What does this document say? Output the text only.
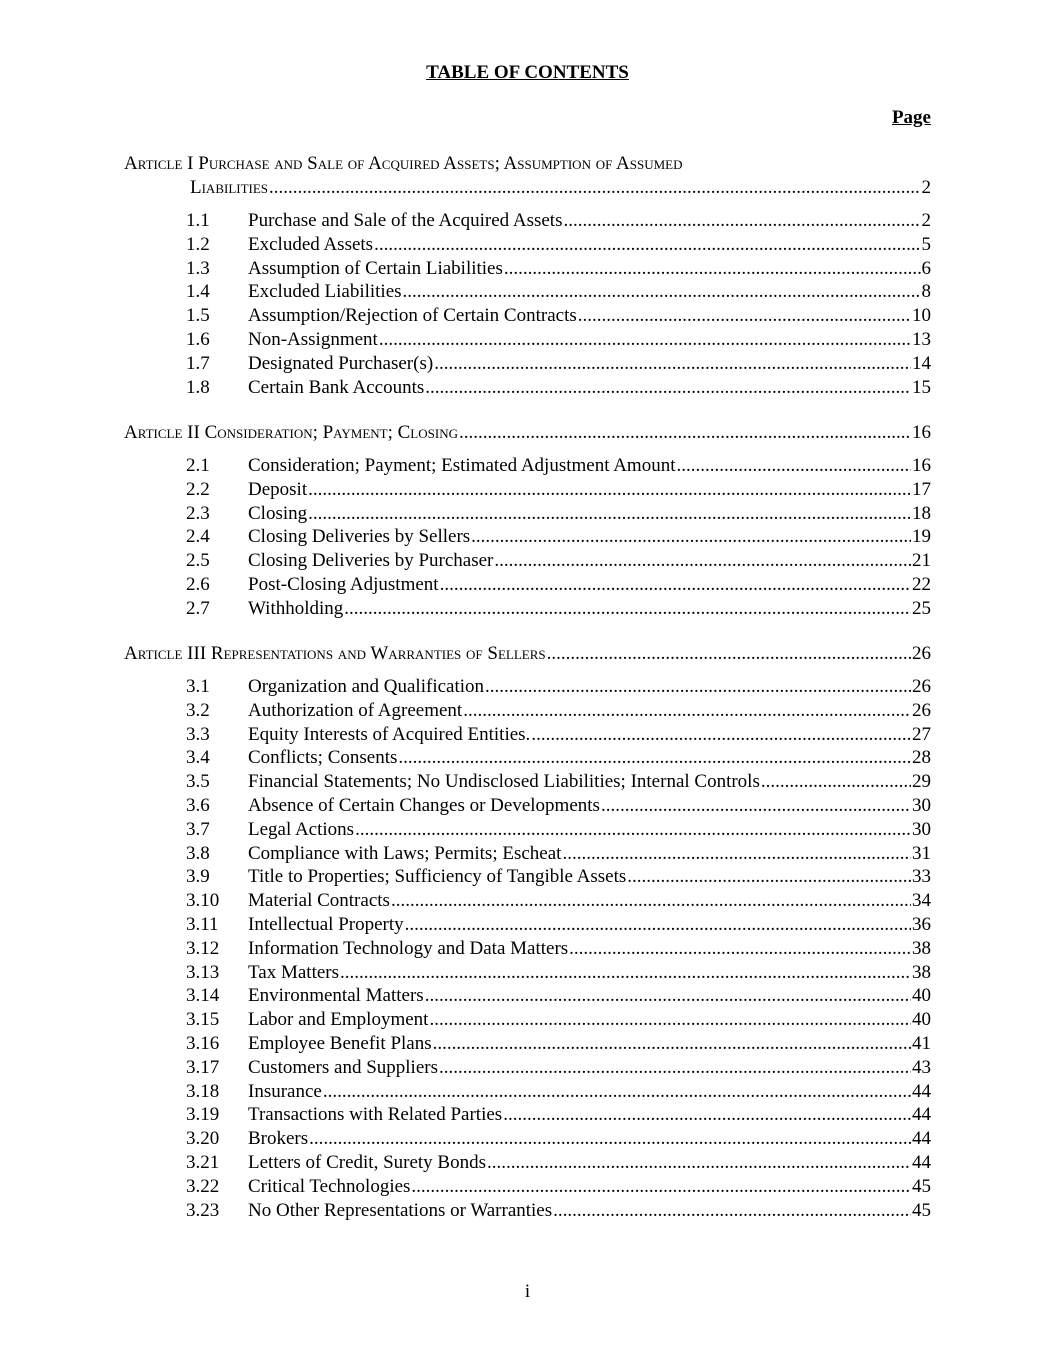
TABLE OF CONTENTS
Page
Article I Purchase and Sale of Acquired Assets; Assumption of Assumed
Liabilities .....	2
1.1	Purchase and Sale of the Acquired Assets .....	2
1.2	Excluded Assets .....	5
1.3	Assumption of Certain Liabilities .....	6
1.4	Excluded Liabilities .....	8
1.5	Assumption/Rejection of Certain Contracts .....	10
1.6	Non-Assignment .....	13
1.7	Designated Purchaser(s) .....	14
1.8	Certain Bank Accounts .....	15
Article II Consideration; Payment; Closing .....	16
2.1	Consideration; Payment; Estimated Adjustment Amount .....	16
2.2	Deposit .....	17
2.3	Closing .....	18
2.4	Closing Deliveries by Sellers .....	19
2.5	Closing Deliveries by Purchaser .....	21
2.6	Post-Closing Adjustment .....	22
2.7	Withholding .....	25
Article III Representations and Warranties of Sellers .....	26
3.1	Organization and Qualification .....	26
3.2	Authorization of Agreement .....	26
3.3	Equity Interests of Acquired Entities. .....	27
3.4	Conflicts; Consents .....	28
3.5	Financial Statements; No Undisclosed Liabilities; Internal Controls .....	29
3.6	Absence of Certain Changes or Developments .....	30
3.7	Legal Actions .....	30
3.8	Compliance with Laws; Permits; Escheat .....	31
3.9	Title to Properties; Sufficiency of Tangible Assets .....	33
3.10	Material Contracts .....	34
3.11	Intellectual Property .....	36
3.12	Information Technology and Data Matters .....	38
3.13	Tax Matters .....	38
3.14	Environmental Matters .....	40
3.15	Labor and Employment .....	40
3.16	Employee Benefit Plans .....	41
3.17	Customers and Suppliers .....	43
3.18	Insurance .....	44
3.19	Transactions with Related Parties .....	44
3.20	Brokers .....	44
3.21	Letters of Credit, Surety Bonds .....	44
3.22	Critical Technologies .....	45
3.23	No Other Representations or Warranties .....	45
i
